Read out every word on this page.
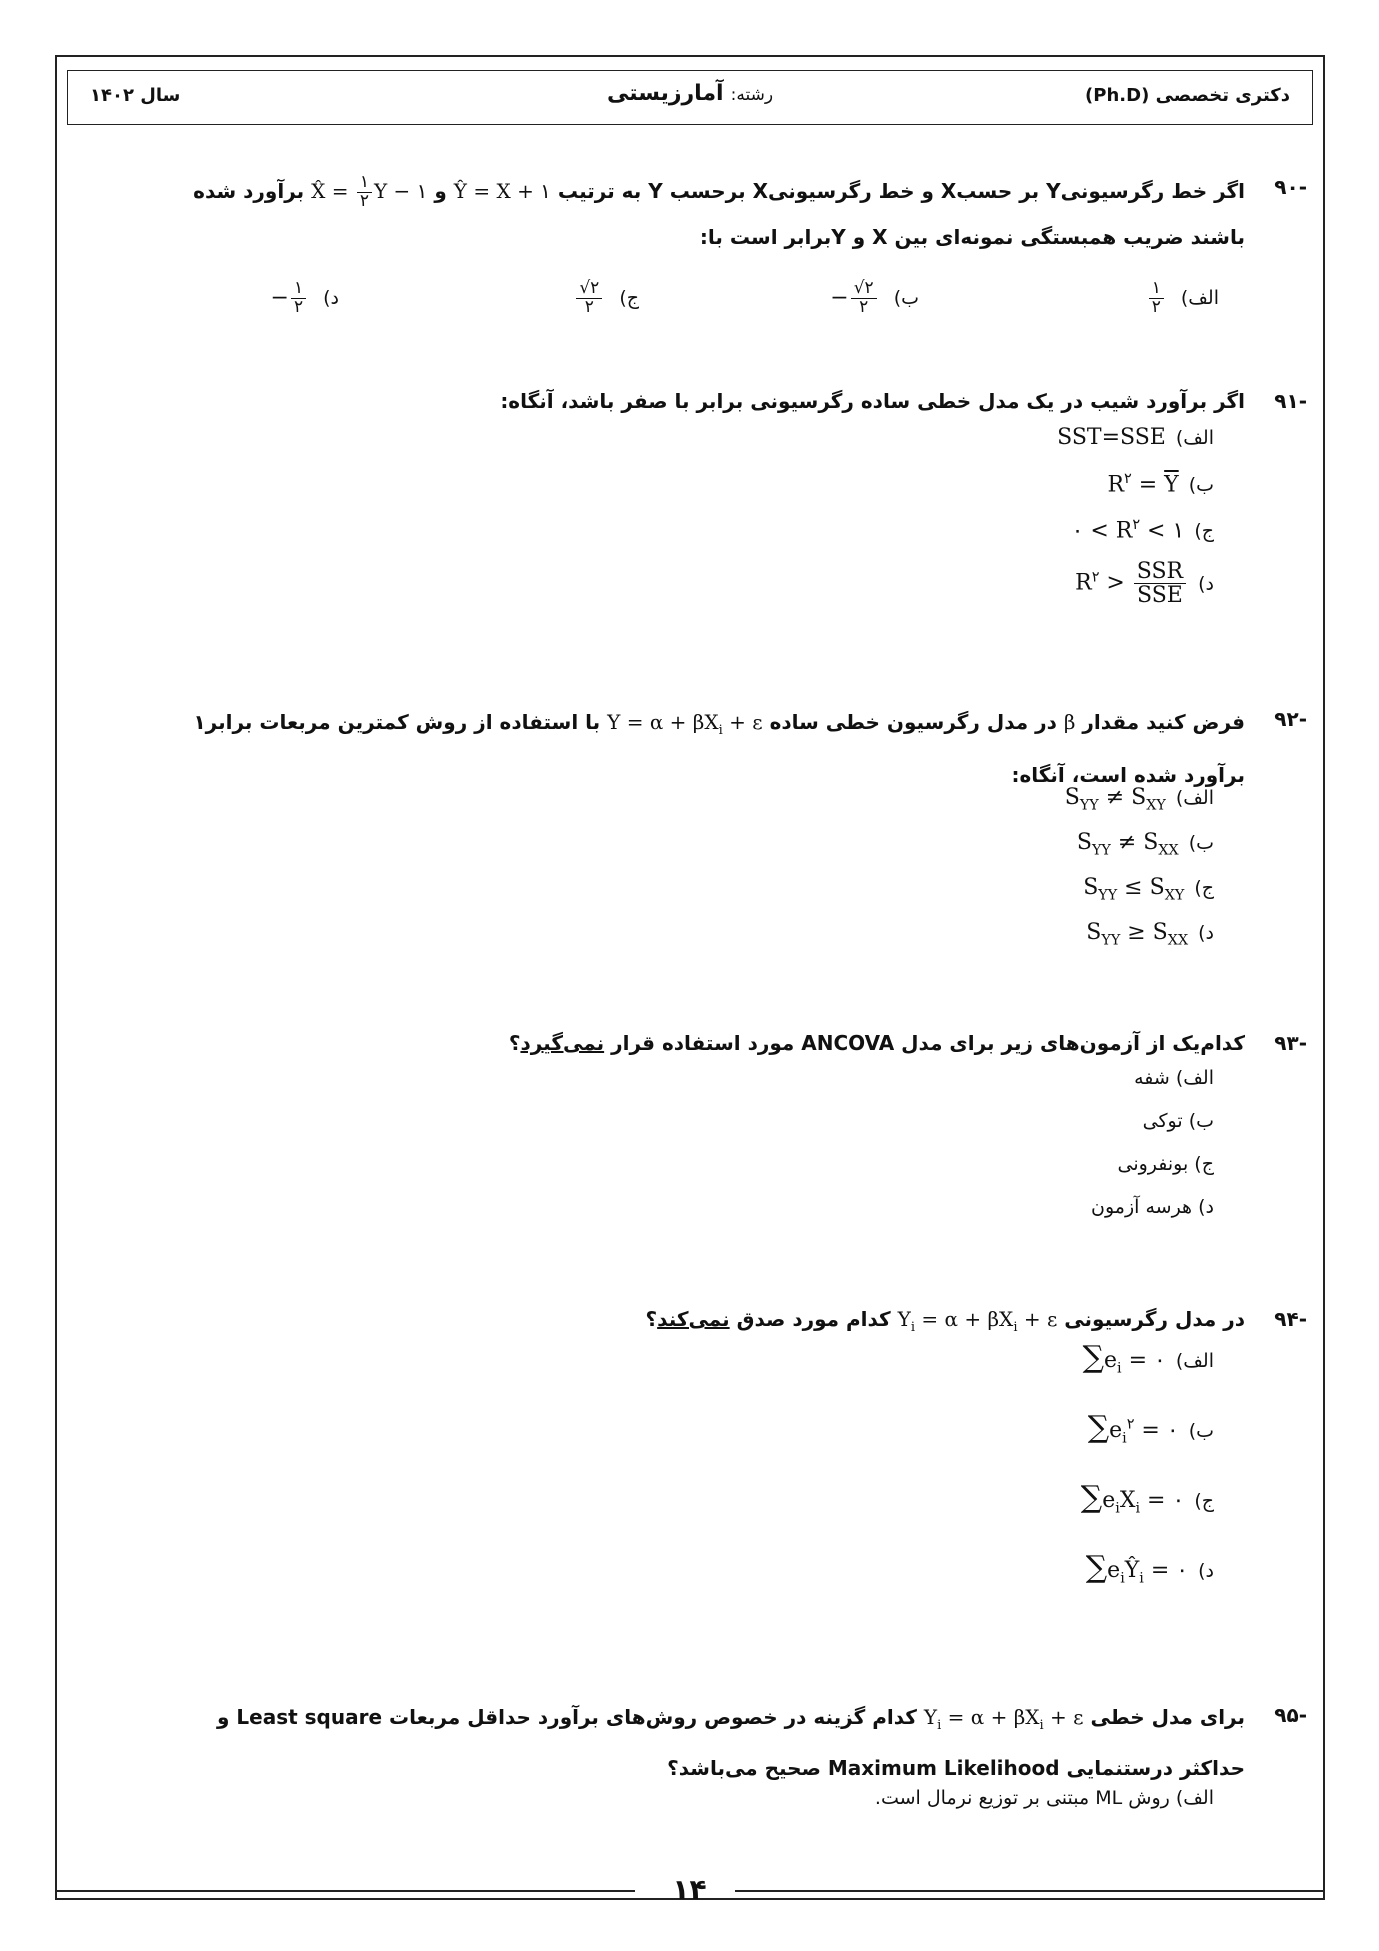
دکتری تخصصی (Ph.D)
رشته: آمارزیستی
سال ۱۴۰۲
-۹۰
اگر خط رگرسیونیY بر حسبX و خط رگرسیونیX برحسب Y به ترتیب Ŷ = X + ۱ و X̂ = $\frac{۱}{۲}$ Y − ۱ برآورد شده
باشند ضریب همبستگی نمونه‌ای بین X و Yبرابر است با:
الف)
$\frac{۱}{۲}$
ب) − $\frac{√۲}{۲}$
ج)
$\frac{√۲}{۲}$
د) − $\frac{۱}{۲}$
-۹۱
اگر برآورد شیب در یک مدل خطی ساده رگرسیونی برابر با صفر باشد، آنگاه:
الف)SST=SSE
$ب)R^۲ = \overline{Y}$
ج)۰ < $R^۲$ < ۱
$د)R^۲ > \frac{\text{SSR}}{\text{SSE}}$
-۹۲
فرض کنید مقدار β در مدل رگرسیون خطی ساده $Y = \alpha + \beta X_i + \varepsilon$ با استفاده از روش کمترین مربعات برابر۱
برآورد شده است، آنگاه:
$الف)S_{YY} \ne S_{XY}$
$ب)S_{YY} \ne S_{XX}$
$ج)S_{YY} \le S_{XY}$
$د)S_{YY} \ge S_{XX}$
-۹۳
کدام‌یک از آزمون‌های زیر برای مدل ANCOVA مورد استفاده قرار نمی‌گیرد؟
الف) شفه
ب) توکی
ج) بونفرونی
د) هرسه آزمون
-۹۴
در مدل رگرسیونی $Y_i = \alpha + \beta X_i + \varepsilon$ کدام مورد صدق نمی‌کند؟
$الف)\sum e_i$ = ۰
$ب)\sum e_i^۲$ = ۰
$ج)\sum e_iX_i$ = ۰
$د)\sum e_iŶ_i$ = ۰
-۹۵
برای مدل خطی $Y_i = \alpha + \beta X_i + \varepsilon$ کدام گزینه در خصوص روش‌های برآورد حداقل مربعات Least square و
حداکثر درستنمایی Maximum Likelihood صحیح می‌باشد؟
الف) روش ML مبتنی بر توزیع نرمال است.
۱۴
